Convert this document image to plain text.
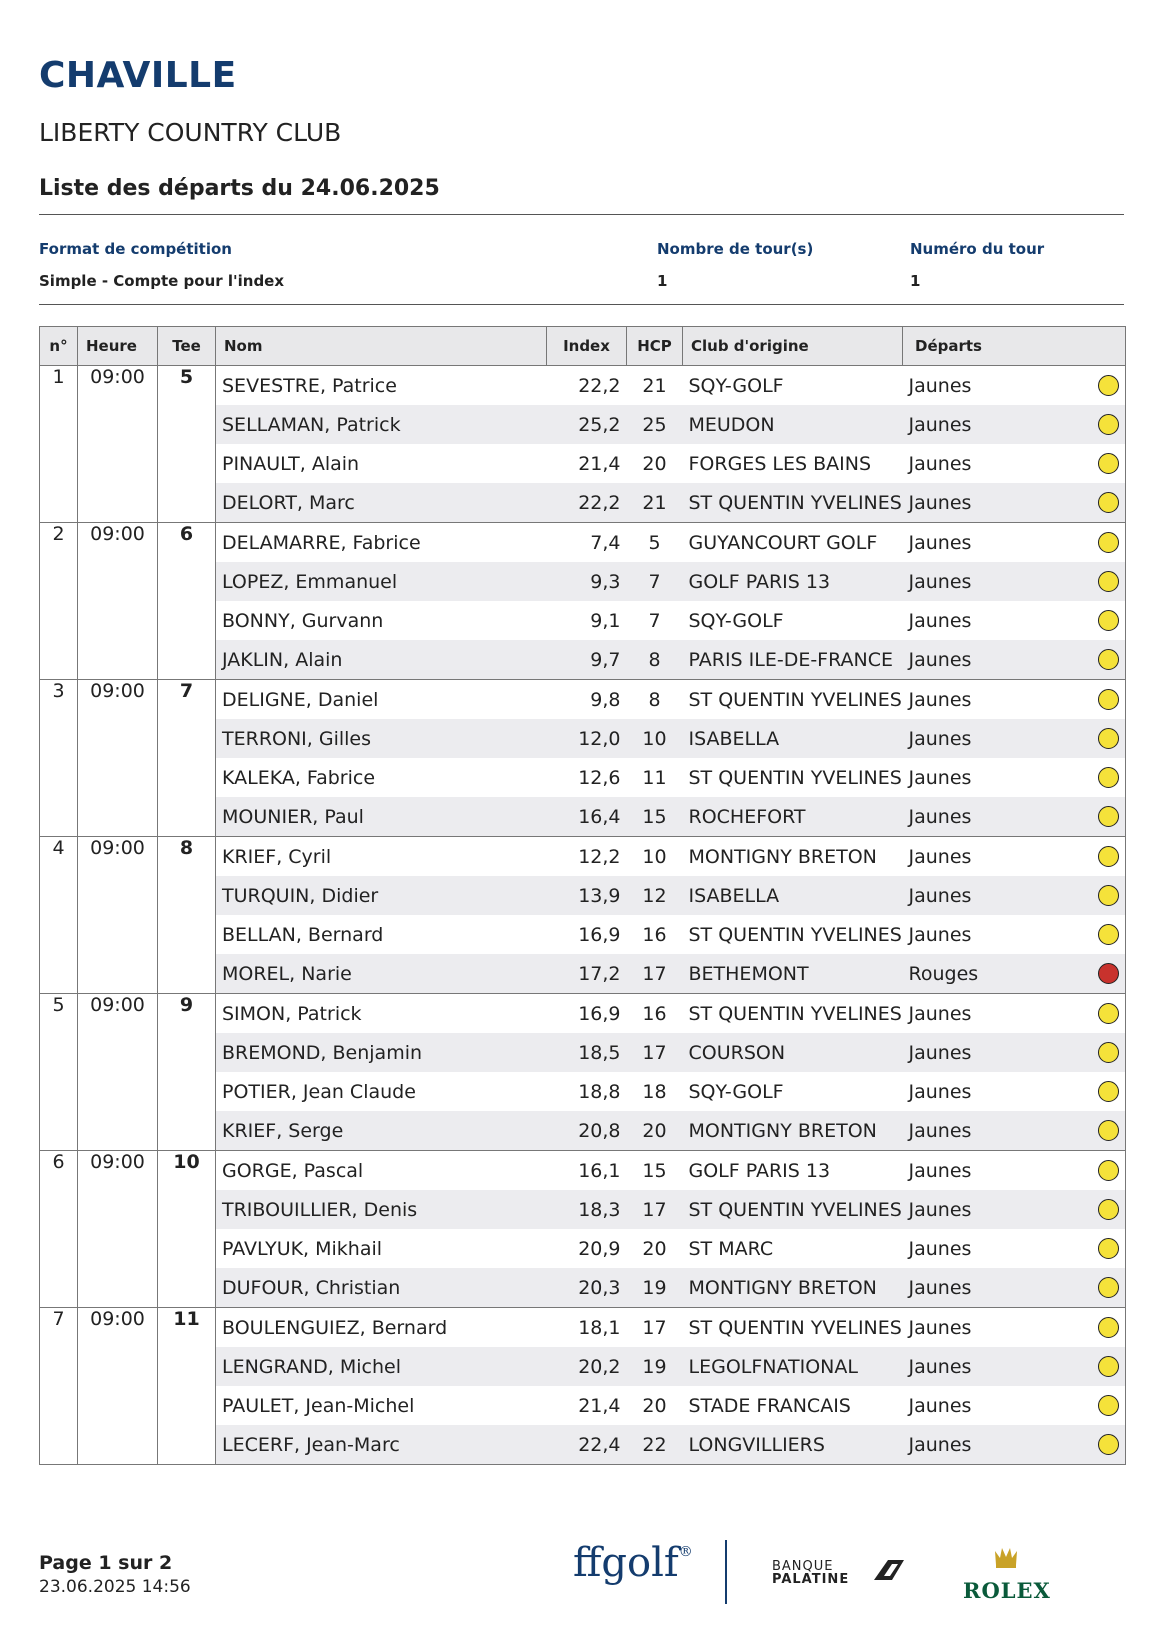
CHAVILLE
LIBERTY COUNTRY CLUB
Liste des départs du 24.06.2025
Format de compétition
Simple - Compte pour l'index
Nombre de tour(s)
1
Numéro du tour
1
n°	Heure	Tee	Nom	Index	HCP	Club d'origine	Départs
1	09:00	5	SEVESTRE, Patrice	22,2	21	SQY-GOLF	Jaunes

			SELLAMAN, Patrick	25,2	25	MEUDON	Jaunes

			PINAULT, Alain	21,4	20	FORGES LES BAINS	Jaunes

			DELORT, Marc	22,2	21	ST QUENTIN YVELINES	Jaunes

2	09:00	6	DELAMARRE, Fabrice	7,4	5	GUYANCOURT GOLF	Jaunes

			LOPEZ, Emmanuel	9,3	7	GOLF PARIS 13	Jaunes

			BONNY, Gurvann	9,1	7	SQY-GOLF	Jaunes

			JAKLIN, Alain	9,7	8	PARIS ILE-DE-FRANCE	Jaunes

3	09:00	7	DELIGNE, Daniel	9,8	8	ST QUENTIN YVELINES	Jaunes

			TERRONI, Gilles	12,0	10	ISABELLA	Jaunes

			KALEKA, Fabrice	12,6	11	ST QUENTIN YVELINES	Jaunes

			MOUNIER, Paul	16,4	15	ROCHEFORT	Jaunes

4	09:00	8	KRIEF, Cyril	12,2	10	MONTIGNY BRETON	Jaunes

			TURQUIN, Didier	13,9	12	ISABELLA	Jaunes

			BELLAN, Bernard	16,9	16	ST QUENTIN YVELINES	Jaunes

			MOREL, Narie	17,2	17	BETHEMONT	Rouges

5	09:00	9	SIMON, Patrick	16,9	16	ST QUENTIN YVELINES	Jaunes

			BREMOND, Benjamin	18,5	17	COURSON	Jaunes

			POTIER, Jean Claude	18,8	18	SQY-GOLF	Jaunes

			KRIEF, Serge	20,8	20	MONTIGNY BRETON	Jaunes

6	09:00	10	GORGE, Pascal	16,1	15	GOLF PARIS 13	Jaunes

			TRIBOUILLIER, Denis	18,3	17	ST QUENTIN YVELINES	Jaunes

			PAVLYUK, Mikhail	20,9	20	ST MARC	Jaunes

			DUFOUR, Christian	20,3	19	MONTIGNY BRETON	Jaunes

7	09:00	11	BOULENGUIEZ, Bernard	18,1	17	ST QUENTIN YVELINES	Jaunes

			LENGRAND, Michel	20,2	19	LEGOLFNATIONAL	Jaunes

			PAULET, Jean-Michel	21,4	20	STADE FRANCAIS	Jaunes

			LECERF, Jean-Marc	22,4	22	LONGVILLIERS	Jaunes
Page 1 sur 2
23.06.2025 14:56
ffgolf®
BANQUE
PALATINE	ROLEX
